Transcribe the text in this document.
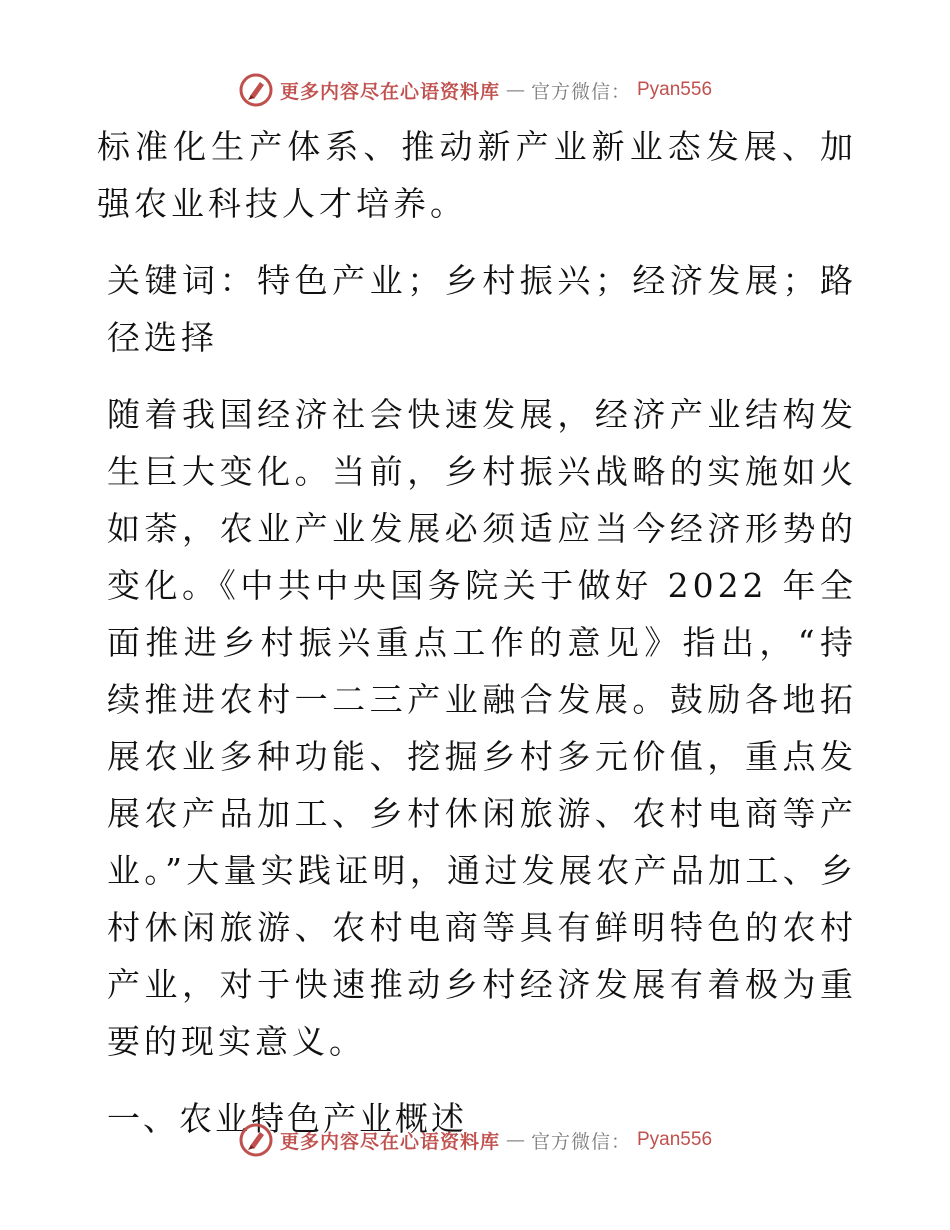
更多内容尽在心语资料库 — 官方微信： Pyan556

标准化生产体系、推动新产业新业态发展、加强农业科技人才培养。

关键词：特色产业；乡村振兴；经济发展；路径选择

随着我国经济社会快速发展，经济产业结构发生巨大变化。当前，乡村振兴战略的实施如火如荼，农业产业发展必须适应当今经济形势的变化。《中共中央国务院关于做好 2022 年全面推进乡村振兴重点工作的意见》指出，“持续推进农村一二三产业融合发展。鼓励各地拓展农业多种功能、挖掘乡村多元价值，重点发展农产品加工、乡村休闲旅游、农村电商等产业。”大量实践证明，通过发展农产品加工、乡村休闲旅游、农村电商等具有鲜明特色的农村产业，对于快速推动乡村经济发展有着极为重要的现实意义。

一、农业特色产业概述

更多内容尽在心语资料库 — 官方微信： Pyan556
